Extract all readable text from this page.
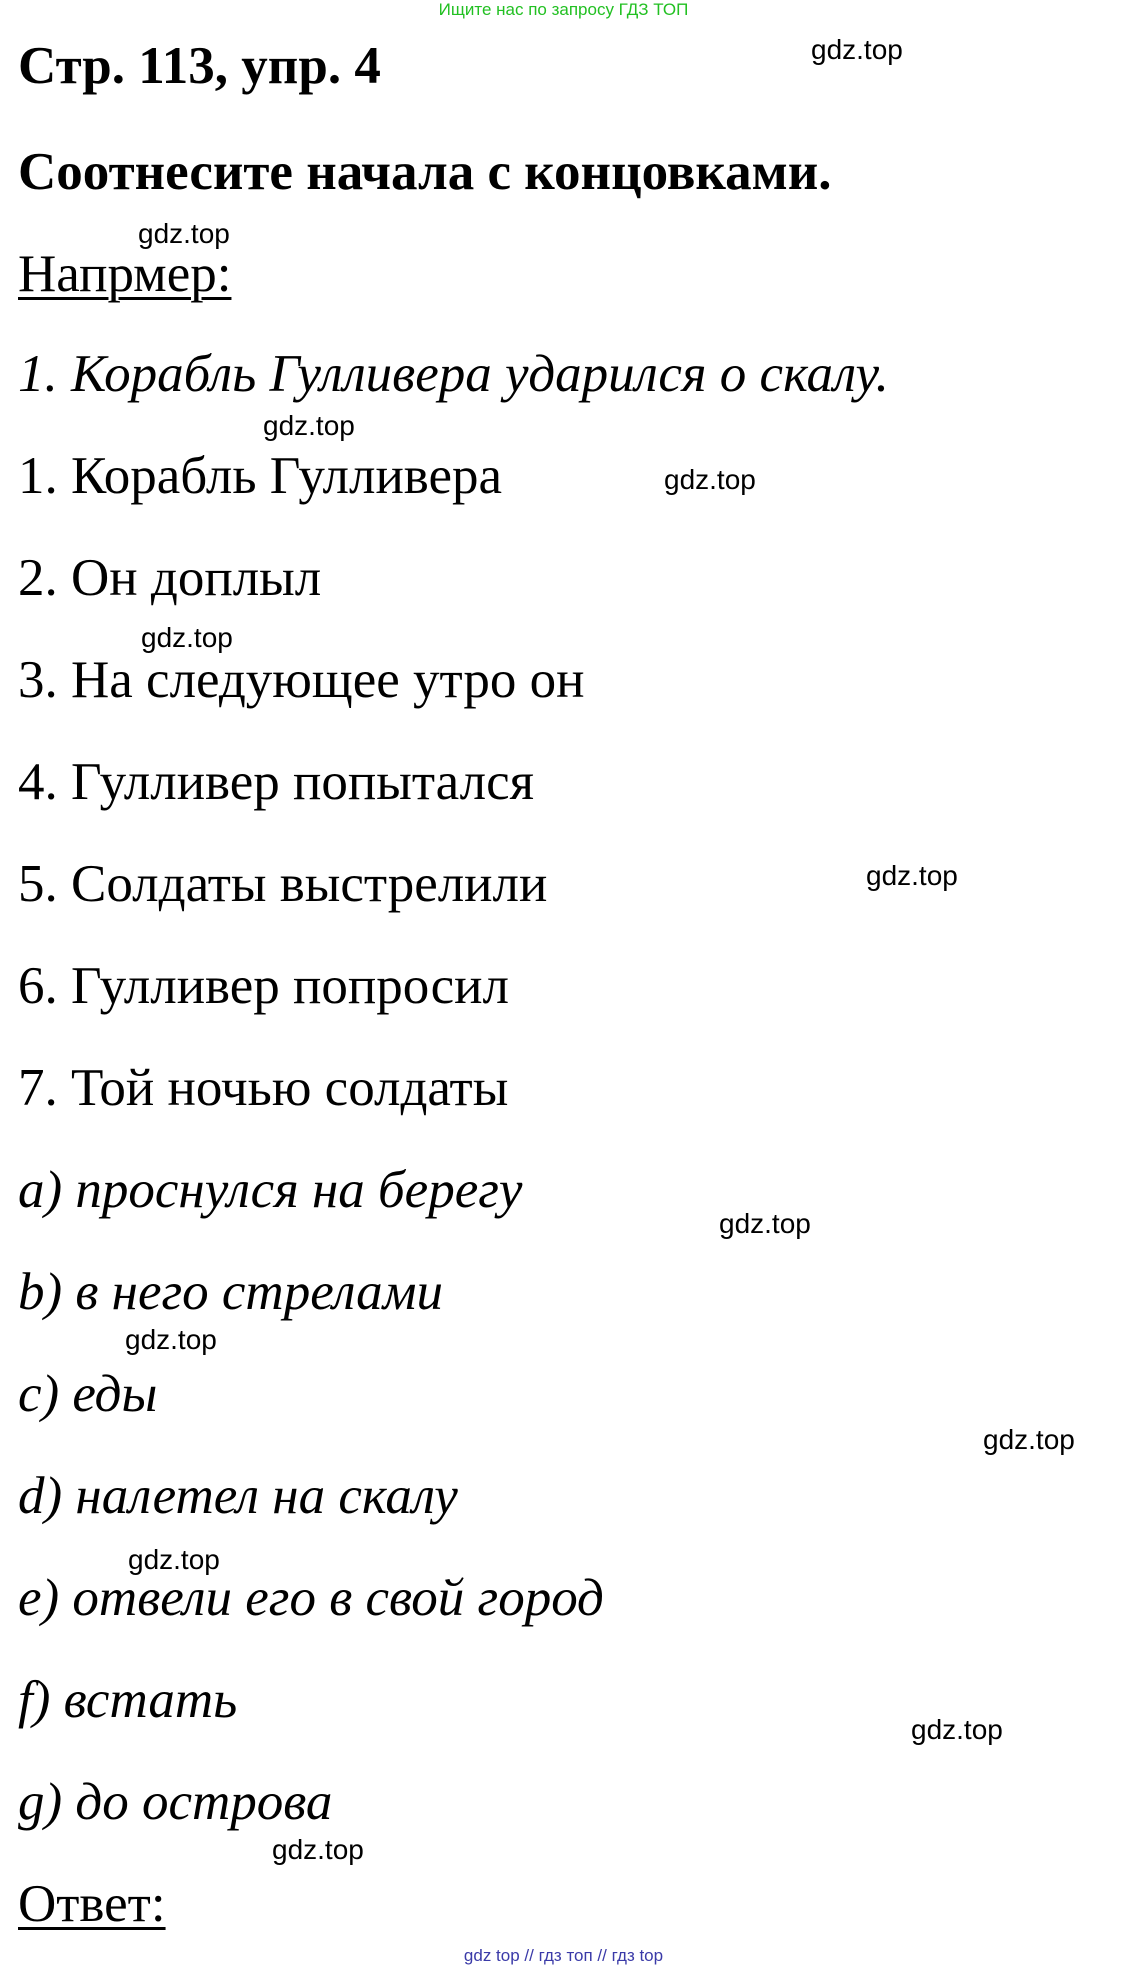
Ищите нас по запросу ГДЗ ТОП
Стр. 113, упр. 4
Соотнесите начала с концовками.
Напрмер:
1. Корабль Гулливера ударился о скалу.
1. Корабль Гулливера
2. Он доплыл
3. На следующее утро он
4. Гулливер попытался
5. Солдаты выстрелили
6. Гулливер попросил
7. Той ночью солдаты
a) проснулся на берегу
b) в него стрелами
c) еды
d) налетел на скалу
e) отвели его в свой город
f) встать
g) до острова
Ответ:
gdz.top
gdz.top
gdz.top
gdz.top
gdz.top
gdz.top
gdz.top
gdz.top
gdz.top
gdz.top
gdz.top
gdz.top
gdz top // гдз топ // гдз top
